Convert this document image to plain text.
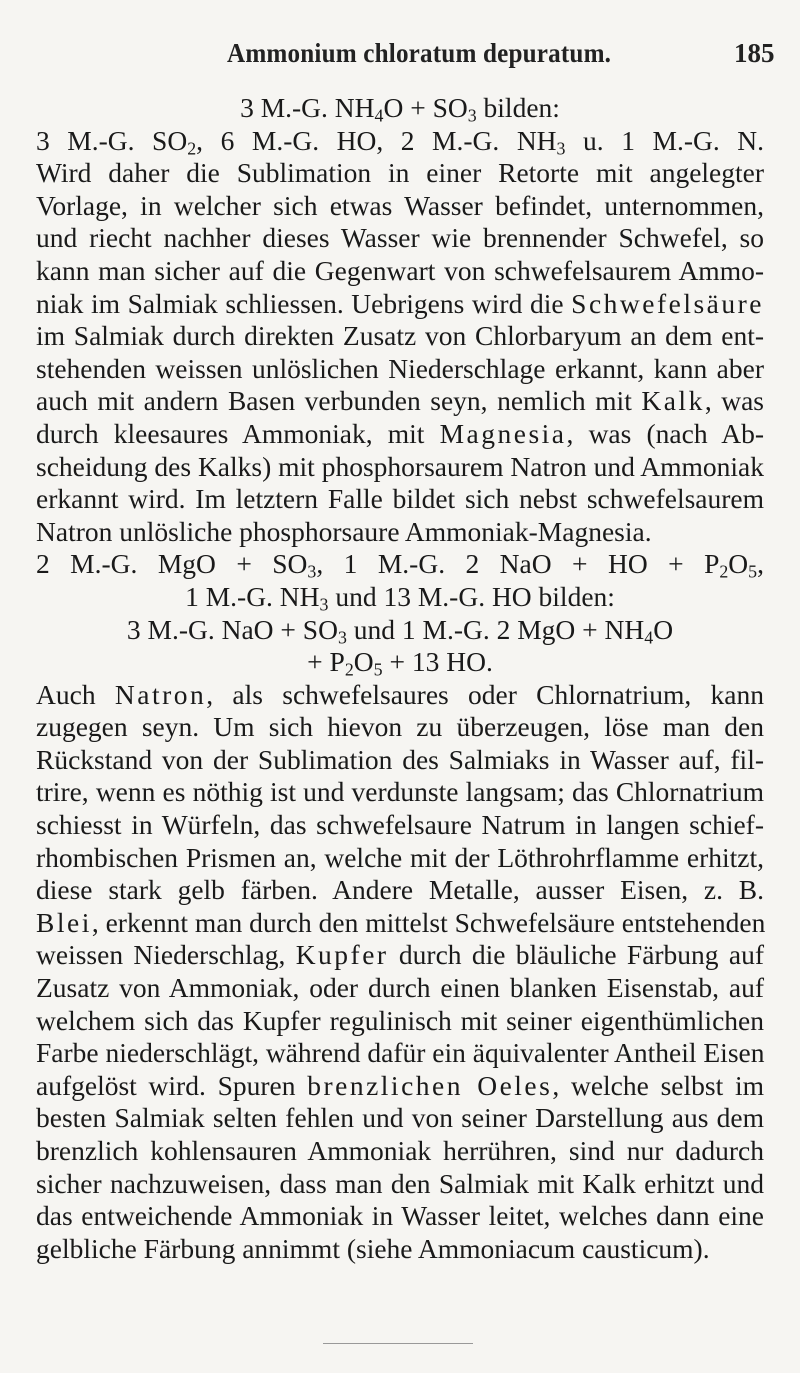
Ammonium chloratum depuratum.	185
3 M.-G. $NH_4O + SO_3$ bilden:
3 M.-G. $SO_2$, 6 M.-G. HO, 2 M.-G. $NH_3$ u. 1 M.-G. N.
Wird daher die Sublimation in einer Retorte mit angelegter
Vorlage, in welcher sich etwas Wasser befindet, unternommen,
und riecht nachher dieses Wasser wie brennender Schwefel, so
kann man sicher auf die Gegenwart von schwefelsaurem Ammo-
niak im Salmiak schliessen. Uebrigens wird die Schwefelsäure
im Salmiak durch direkten Zusatz von Chlorbaryum an dem ent-
stehenden weissen unlöslichen Niederschlage erkannt, kann aber
auch mit andern Basen verbunden seyn, nemlich mit Kalk, was
durch kleesaures Ammoniak, mit Magnesia, was (nach Ab-
scheidung des Kalks) mit phosphorsaurem Natron und Ammoniak
erkannt wird. Im letztern Falle bildet sich nebst schwefelsaurem
Natron unlösliche phosphorsaure Ammoniak-Magnesia.
2 M.-G. MgO + $SO_3$, 1 M.-G. 2 NaO + HO + $P_2O_5$,
1 M.-G. $NH_3$ und 13 M.-G. HO bilden:
3 M.-G. NaO + $SO_3$ und 1 M.-G. 2 MgO + $NH_4O$
+ $P_2O_5 + 13$ HO.
Auch Natron, als schwefelsaures oder Chlornatrium, kann
zugegen seyn. Um sich hievon zu überzeugen, löse man den
Rückstand von der Sublimation des Salmiaks in Wasser auf, fil-
trire, wenn es nöthig ist und verdunste langsam; das Chlornatrium
schiesst in Würfeln, das schwefelsaure Natrum in langen schief-
rhombischen Prismen an, welche mit der Löthrohrflamme erhitzt,
diese stark gelb färben. Andere Metalle, ausser Eisen, z. B.
Blei, erkennt man durch den mittelst Schwefelsäure entstehenden
weissen Niederschlag, Kupfer durch die bläuliche Färbung auf
Zusatz von Ammoniak, oder durch einen blanken Eisenstab, auf
welchem sich das Kupfer regulinisch mit seiner eigenthümlichen
Farbe niederschlägt, während dafür ein äquivalenter Antheil Eisen
aufgelöst wird. Spuren brenzlichen Oeles, welche selbst im
besten Salmiak selten fehlen und von seiner Darstellung aus dem
brenzlich kohlensauren Ammoniak herrühren, sind nur dadurch
sicher nachzuweisen, dass man den Salmiak mit Kalk erhitzt und
das entweichende Ammoniak in Wasser leitet, welches dann eine
gelbliche Färbung annimmt (siehe Ammoniacum causticum).
